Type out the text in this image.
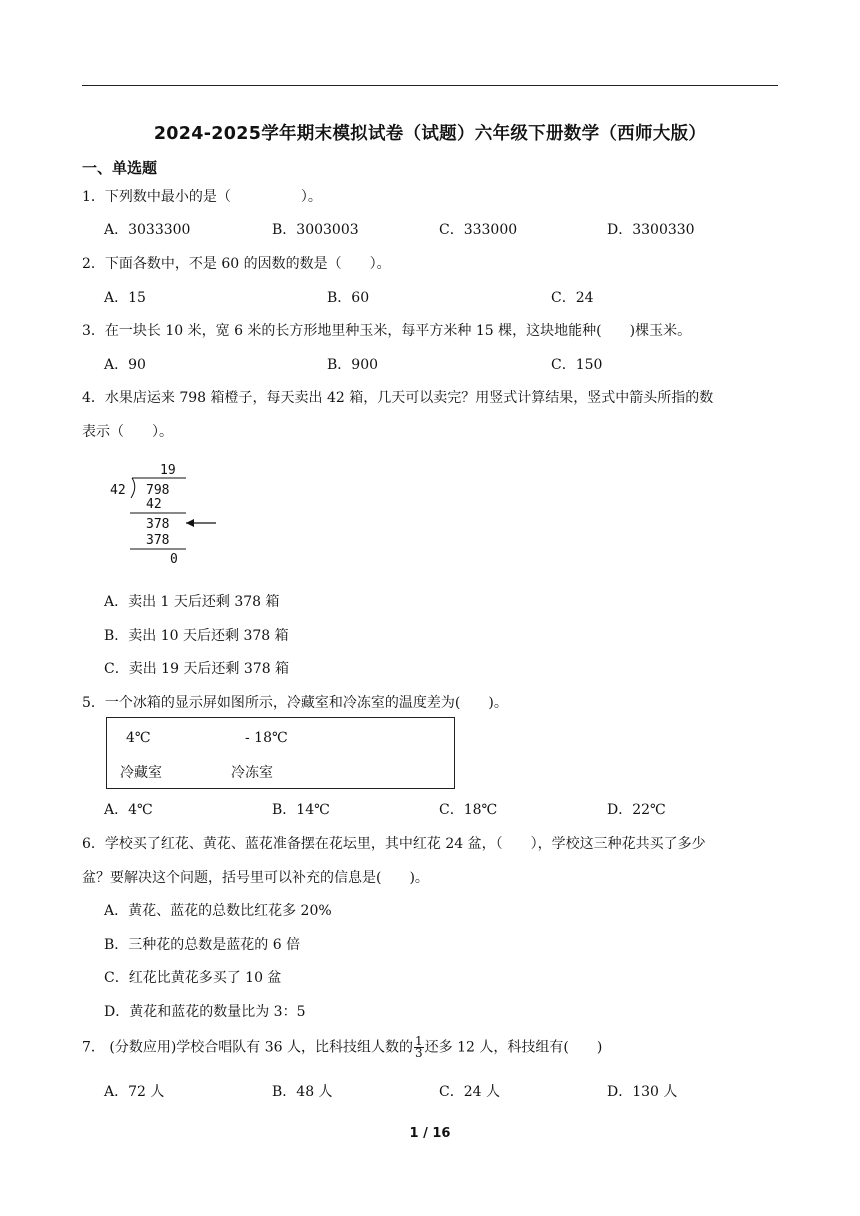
2024-2025学年期末模拟试卷（试题）六年级下册数学（西师大版）
一、单选题
1．下列数中最小的是（　　　　　）。
A．3033300	B．3003003	C．333000	D．3300330
2．下面各数中，不是 60 的因数的数是（　　）。
A．15	B．60	C．24
3．在一块长 10 米，宽 6 米的长方形地里种玉米，每平方米种 15 棵，这块地能种(　　)棵玉米。
A．90	B．900	C．150
4．水果店运来 798 箱橙子，每天卖出 42 箱，几天可以卖完？用竖式计算结果，竖式中箭头所指的数
表示（　　）。
19
42 798
42
378
378
0
A．卖出 1 天后还剩 378 箱
B．卖出 10 天后还剩 378 箱
C．卖出 19 天后还剩 378 箱
5．一个冰箱的显示屏如图所示，冷藏室和冷冻室的温度差为(　　)。
4℃	- 18℃
冷藏室	冷冻室
A．4℃	B．14℃	C．18℃	D．22℃
6．学校买了红花、黄花、蓝花准备摆在花坛里，其中红花 24 盆，（　　），学校这三种花共买了多少
盆？要解决这个问题，括号里可以补充的信息是(　　)。
A．黄花、蓝花的总数比红花多 20%
B．三种花的总数是蓝花的 6 倍
C．红花比黄花多买了 10 盆
D．黄花和蓝花的数量比为 3：5
7． (分数应用)学校合唱队有 36 人，比科技组人数的 $\frac{1}{3}$ 还多 12 人，科技组有(　　)
A．72 人	B．48 人	C．24 人	D．130 人
1 / 16
